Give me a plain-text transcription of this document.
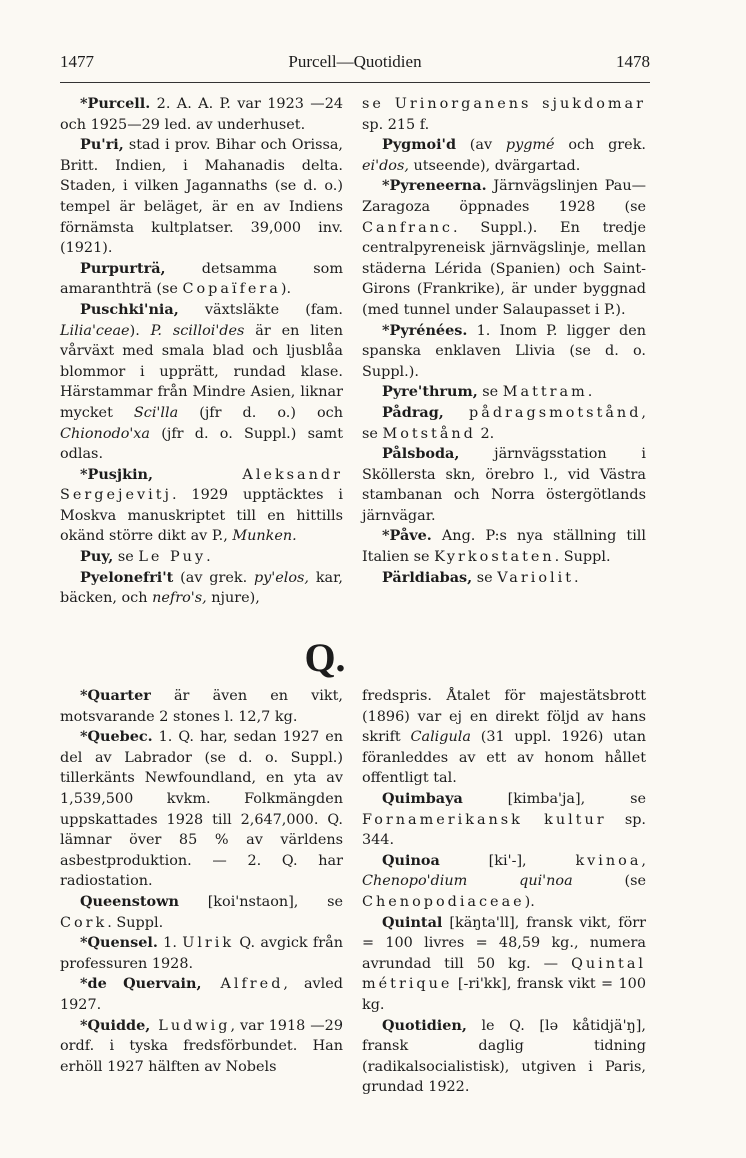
1477	Purcell—Quotidien	1478

*Purcell. 2. A. A. P. var 1923 —24 och 1925—29 led. av underhuset.

Pu'ri, stad i prov. Bihar och Orissa, Britt. Indien, i Mahanadis delta. Staden, i vilken Jagannaths (se d. o.) tempel är beläget, är en av Indiens förnämsta kultplatser. 39,000 inv. (1921).

Purpurträ, detsamma som amaranthträ (se Copaïfera).

Puschki'nia, växtsläkte (fam. Lilia'ceae). P. scilloi'des är en liten vårväxt med smala blad och ljusblåa blommor i upprätt, rundad klase. Härstammar från Mindre Asien, liknar mycket Sci'lla (jfr d. o.) och Chionodo'xa (jfr d. o. Suppl.) samt odlas.

*Pusjkin, Aleksandr Sergejevitj. 1929 upptäcktes i Moskva manuskriptet till en hittills okänd större dikt av P., Munken.

Puy, se Le Puy.

Pyelonefri't (av grek. py'elos, kar, bäcken, och nefro's, njure),

se Urinorganens sjukdomar sp. 215 f.

Pygmoi'd (av pygmé och grek. ei'dos, utseende), dvärgartad.

*Pyreneerna. Järnvägslinjen Pau—Zaragoza öppnades 1928 (se Canfranc. Suppl.). En tredje centralpyreneisk järnvägslinje, mellan städerna Lérida (Spanien) och Saint-Girons (Frankrike), är under byggnad (med tunnel under Salaupasset i P.).

*Pyrénées. 1. Inom P. ligger den spanska enklaven Llivia (se d. o. Suppl.).

Pyre'thrum, se Mattram.

Pådrag, pådragsmotstånd, se Motstånd 2.

Pålsboda, järnvägsstation i Sköllersta skn, örebro l., vid Västra stambanan och Norra östergötlands järnvägar.

*Påve. Ang. P:s nya ställning till Italien se Kyrkostaten. Suppl.

Pärldiabas, se Variolit.

Q.

*Quarter är även en vikt, motsvarande 2 stones l. 12,7 kg.

*Quebec. 1. Q. har, sedan 1927 en del av Labrador (se d. o. Suppl.) tillerkänts Newfoundland, en yta av 1,539,500 kvkm. Folkmängden uppskattades 1928 till 2,647,000. Q. lämnar över 85 % av världens asbestproduktion. — 2. Q. har radiostation.

Queenstown [koi'nstaon], se Cork. Suppl.

*Quensel. 1. Ulrik Q. avgick från professuren 1928.

*de Quervain, Alfred, avled 1927.

*Quidde, Ludwig, var 1918 —29 ordf. i tyska fredsförbundet. Han erhöll 1927 hälften av Nobels

fredspris. Åtalet för majestätsbrott (1896) var ej en direkt följd av hans skrift Caligula (31 uppl. 1926) utan föranleddes av ett av honom hållet offentligt tal.

Quimbaya [kimba'ja], se Fornamerikansk kultur sp. 344.

Quinoa [ki'-], kvinoa, Chenopo'dium qui'noa (se Chenopodiaceae).

Quintal [käŋta'll], fransk vikt, förr = 100 livres = 48,59 kg., numera avrundad till 50 kg. — Quintal métrique [-ri'kk], fransk vikt = 100 kg.

Quotidien, le Q. [lə kåtidjä'ŋ], fransk daglig tidning (radikalsocialistisk), utgiven i Paris, grundad 1922.
